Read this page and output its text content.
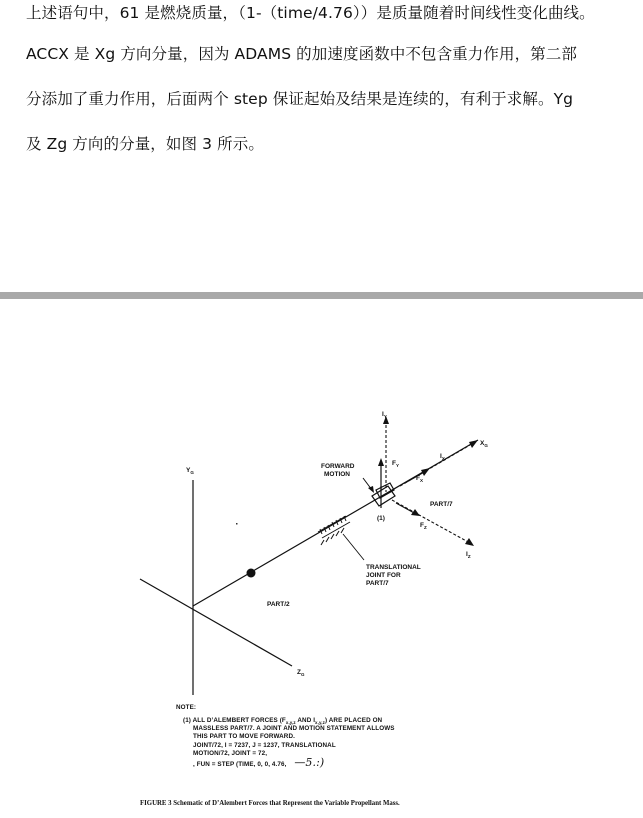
上述语句中，61 是燃烧质量，（1-（time/4.76））是质量随着时间线性变化曲线。
ACCX 是 Xg 方向分量，因为 ADAMS 的加速度函数中不包含重力作用，第二部
分添加了重力作用，后面两个 step 保证起始及结果是连续的，有利于求解。Yg
及 Zg 方向的分量，如图 3 所示。
$Y_G$
$X_G$
$Z_G$
$I_Y$
$F_Y$
$I_X$
$F_X$
$F_Z$
$I_Z$
FORWARD
MOTION
PART/7
(1)
TRANSLATIONAL
JOINT FOR
PART/7
PART/2
NOTE:
(1) ALL D’ALEMBERT FORCES ($F_{x,y,z}$ AND $I_{x,y,z}$) ARE PLACED ON
MASSLESS PART/7. A JOINT AND MOTION STATEMENT ALLOWS
THIS PART TO MOVE FORWARD.
JOINT/72, I = 7237, J = 1237, TRANSLATIONAL
MOTION/72, JOINT = 72,
, FUN = STEP (TIME, 0, 0, 4.76, —5.:)
FIGURE 3 Schematic of D’Alembert Forces that Represent the Variable Propellant Mass.
